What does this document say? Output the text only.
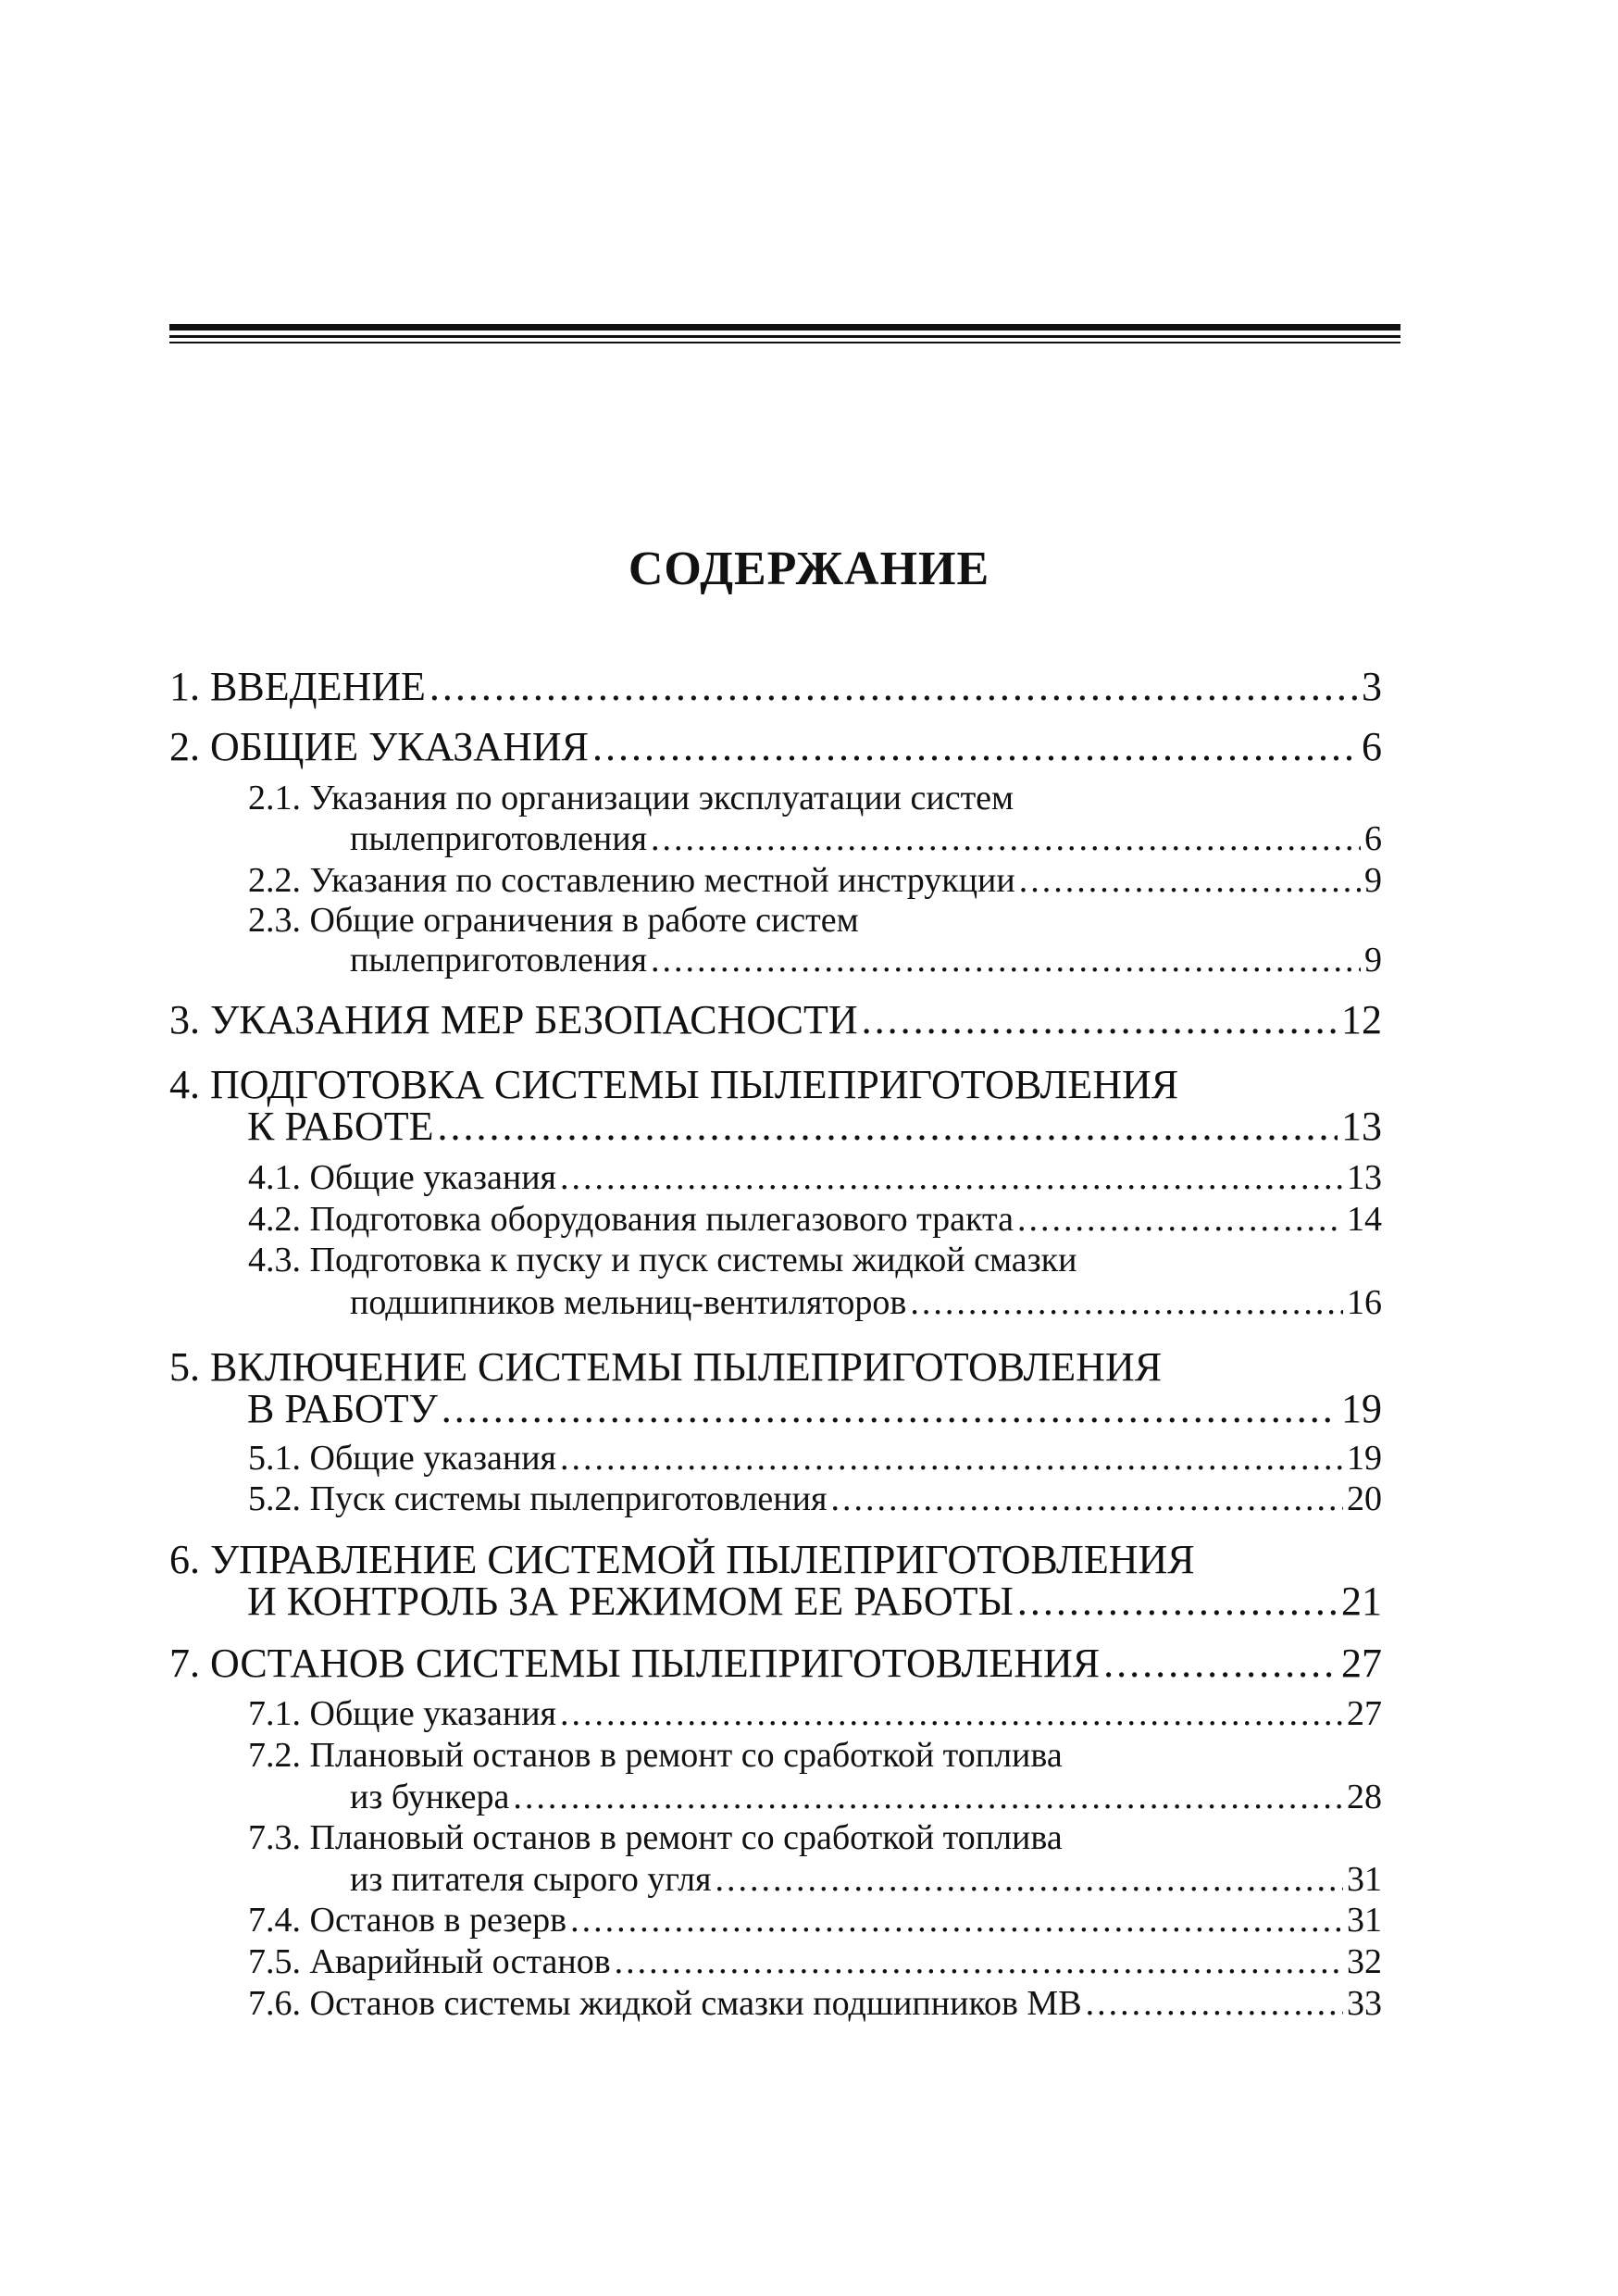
СОДЕРЖАНИЕ
1. ВВЕДЕНИЕ .....	3
2. ОБЩИЕ УКАЗАНИЯ .....	6
2.1. Указания по организации эксплуатации систем
пылеприготовления .....	6
2.2. Указания по составлению местной инструкции .....	9
2.3. Общие ограничения в работе систем
пылеприготовления .....	9
3. УКАЗАНИЯ МЕР БЕЗОПАСНОСТИ .....	12
4. ПОДГОТОВКА СИСТЕМЫ ПЫЛЕПРИГОТОВЛЕНИЯ
К РАБОТЕ .....	13
4.1. Общие указания .....	13
4.2. Подготовка оборудования пылегазового тракта .....	14
4.3. Подготовка к пуску и пуск системы жидкой смазки
подшипников мельниц-вентиляторов .....	16
5. ВКЛЮЧЕНИЕ СИСТЕМЫ ПЫЛЕПРИГОТОВЛЕНИЯ
В РАБОТУ .....	19
5.1. Общие указания .....	19
5.2. Пуск системы пылеприготовления .....	20
6. УПРАВЛЕНИЕ СИСТЕМОЙ ПЫЛЕПРИГОТОВЛЕНИЯ
И КОНТРОЛЬ ЗА РЕЖИМОМ ЕЕ РАБОТЫ .....	21
7. ОСТАНОВ СИСТЕМЫ ПЫЛЕПРИГОТОВЛЕНИЯ .....	27
7.1. Общие указания .....	27
7.2. Плановый останов в ремонт со сработкой топлива
из бункера .....	28
7.3. Плановый останов в ремонт со сработкой топлива
из питателя сырого угля .....	31
7.4. Останов в резерв .....	31
7.5. Аварийный останов .....	32
7.6. Останов системы жидкой смазки подшипников МВ .....	33
